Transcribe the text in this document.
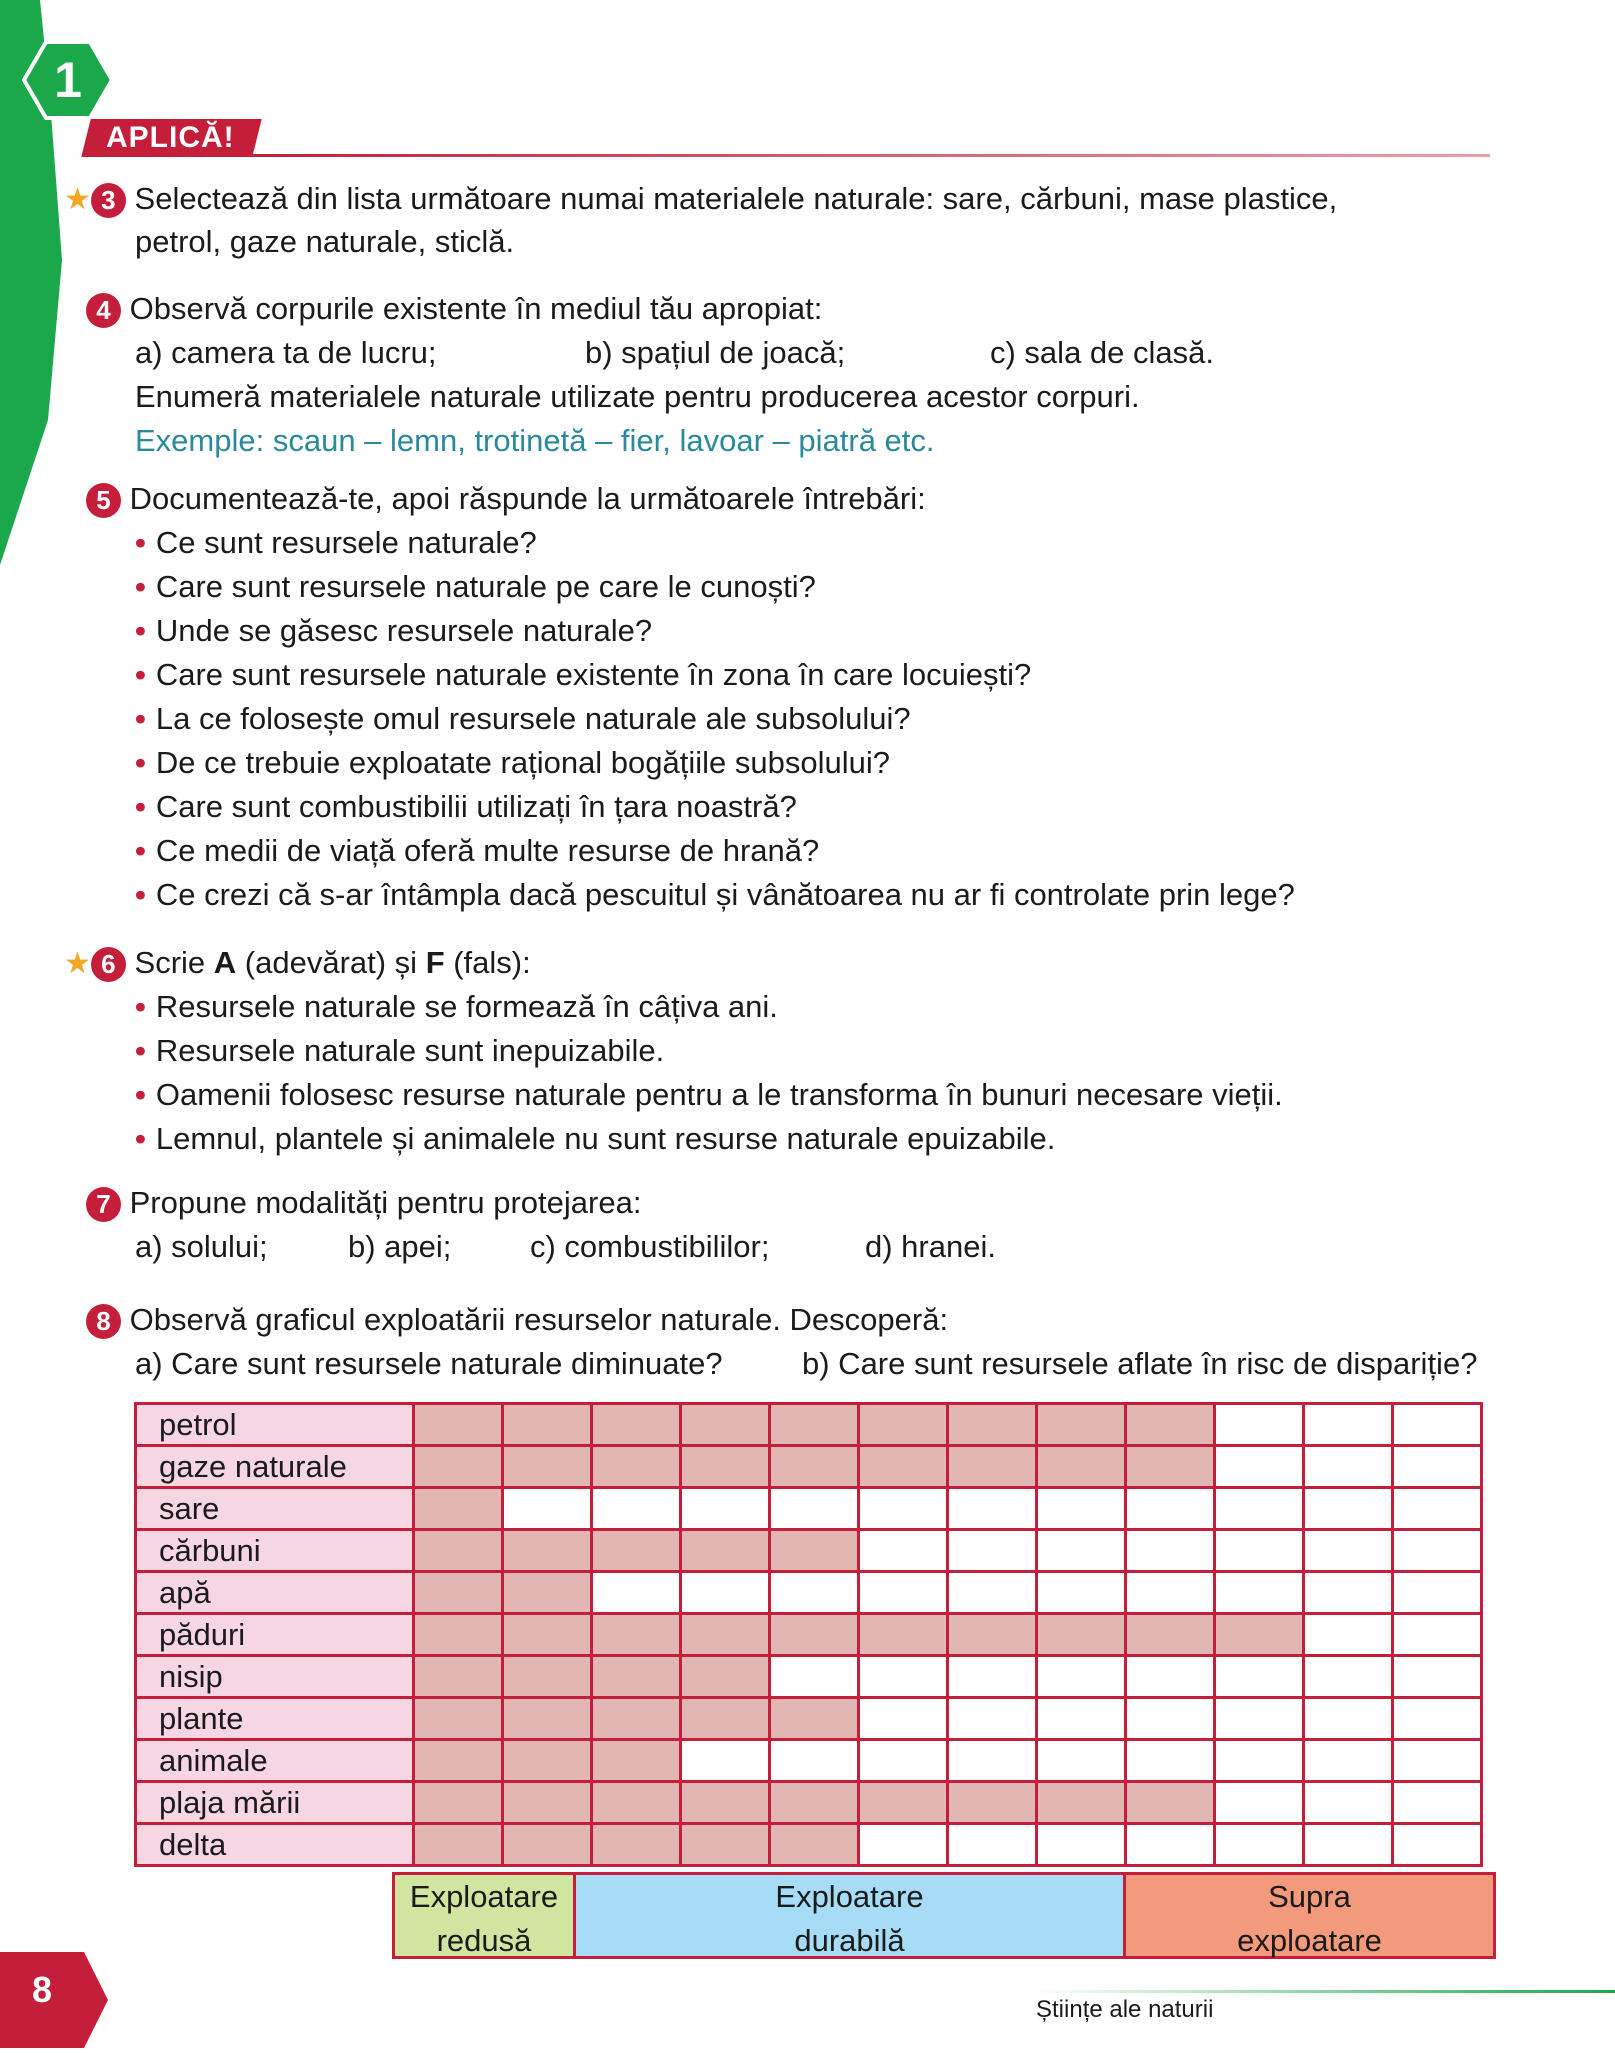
1
APLICĂ!
★ 3 Selectează din lista următoare numai materialele naturale: sare, cărbuni, mase plastice,
petrol, gaze naturale, sticlă.
4 Observă corpurile existente în mediul tău apropiat:
a) camera ta de lucru;	b) spațiul de joacă;	c) sala de clasă.
Enumeră materialele naturale utilizate pentru producerea acestor corpuri.
Exemple: scaun – lemn, trotinetă – fier, lavoar – piatră etc.
5 Documentează-te, apoi răspunde la următoarele întrebări:
• Ce sunt resursele naturale?
• Care sunt resursele naturale pe care le cunoști?
• Unde se găsesc resursele naturale?
• Care sunt resursele naturale existente în zona în care locuiești?
• La ce folosește omul resursele naturale ale subsolului?
• De ce trebuie exploatate rațional bogățiile subsolului?
• Care sunt combustibilii utilizați în țara noastră?
• Ce medii de viață oferă multe resurse de hrană?
• Ce crezi că s-ar întâmpla dacă pescuitul și vânătoarea nu ar fi controlate prin lege?
★ 6 Scrie A (adevărat) și F (fals):
• Resursele naturale se formează în câțiva ani.
• Resursele naturale sunt inepuizabile.
• Oamenii folosesc resurse naturale pentru a le transforma în bunuri necesare vieții.
• Lemnul, plantele și animalele nu sunt resurse naturale epuizabile.
7 Propune modalități pentru protejarea:
a) solului;	b) apei;	c) combustibililor;	d) hranei.
8 Observă graficul exploatării resurselor naturale. Descoperă:
a) Care sunt resursele naturale diminuate?	b) Care sunt resursele aflate în risc de dispariție?
petrol												
gaze naturale												
sare												
cărbuni												
apă												
păduri												
nisip												
plante												
animale												
plaja mării												
delta												
Exploatare
redusă
Exploatare
durabilă
Supra
exploatare
8	Științe ale naturii
